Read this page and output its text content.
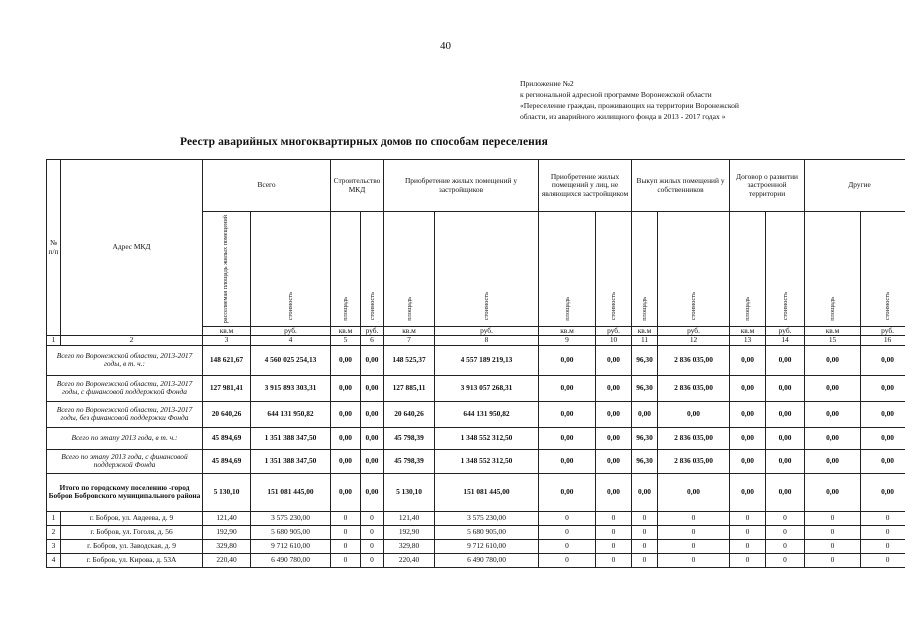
40
Приложение №2
к региональной адресной программе Воронежской области
«Переселение граждан, проживающих на территории Воронежской
области, из аварийного жилищного фонда в 2013 - 2017 годах »
Реестр аварийных многоквартирных домов по способам переселения
№ п/п	Адрес МКД	Всего		Строительство МКД		Приобретение жилых помещений у застройщиков		Приобретение жилых помещений у лиц, не являющихся застройщиком		Выкуп жилых помещений у собственников		Договор о развитии застроенной территории		Другие	
		расселяемая площадь жилых помещений	стоимость	площадь	стоимость	площадь	стоимость	площадь	стоимость	площадь	стоимость	площадь	стоимость	площадь	стоимость
		кв.м	руб.	кв.м	руб.	кв.м	руб.	кв.м	руб.	кв.м	руб.	кв.м	руб.	кв.м	руб.
1	2	3	4	5	6	7	8	9	10	11	12	13	14	15	16
Всего по Воронежской области, 2013-2017 годы, в т. ч.:		148 621,67	4 560 025 254,13	0,00	0,00	148 525,37	4 557 189 219,13	0,00	0,00	96,30	2 836 035,00	0,00	0,00	0,00	0,00
Всего по Воронежской области, 2013-2017 годы, с финансовой поддержкой Фонда		127 981,41	3 915 893 303,31	0,00	0,00	127 885,11	3 913 057 268,31	0,00	0,00	96,30	2 836 035,00	0,00	0,00	0,00	0,00
Всего по Воронежской области, 2013-2017 годы, без финансовой поддержки Фонда		20 640,26	644 131 950,82	0,00	0,00	20 640,26	644 131 950,82	0,00	0,00	0,00	0,00	0,00	0,00	0,00	0,00
Всего по этапу 2013 года, в т. ч.:		45 894,69	1 351 388 347,50	0,00	0,00	45 798,39	1 348 552 312,50	0,00	0,00	96,30	2 836 035,00	0,00	0,00	0,00	0,00
Всего по этапу 2013 года, с финансовой поддержкой Фонда		45 894,69	1 351 388 347,50	0,00	0,00	45 798,39	1 348 552 312,50	0,00	0,00	96,30	2 836 035,00	0,00	0,00	0,00	0,00
Итого по городскому поселению -город Бобров Бобровского муниципального района		5 130,10	151 081 445,00	0,00	0,00	5 130,10	151 081 445,00	0,00	0,00	0,00	0,00	0,00	0,00	0,00	0,00
1	г. Бобров, ул. Авдеева, д. 9	121,40	3 575 230,00	0	0	121,40	3 575 230,00	0	0	0	0	0	0	0	0
2	г. Бобров, ул. Гоголя, д. 56	192,90	5 680 905,00	0	0	192,90	5 680 905,00	0	0	0	0	0	0	0	0
3	г. Бобров, ул. Заводская, д. 9	329,80	9 712 610,00	0	0	329,80	9 712 610,00	0	0	0	0	0	0	0	0
4	г. Бобров, ул. Кирова, д. 53А	220,40	6 490 780,00	0	0	220,40	6 490 780,00	0	0	0	0	0	0	0	0
